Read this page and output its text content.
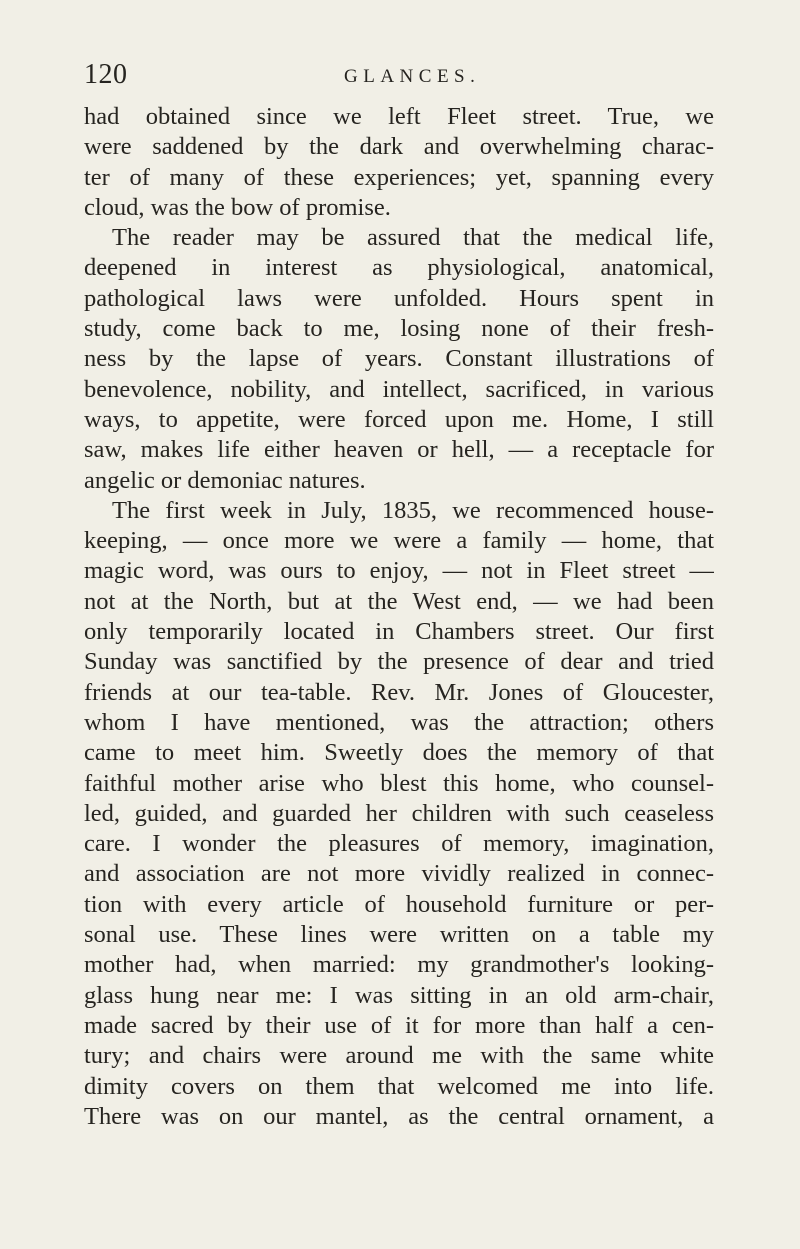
120	GLANCES.
had obtained since we left Fleet street. True, we
were saddened by the dark and overwhelming charac-
ter of many of these experiences; yet, spanning every
cloud, was the bow of promise.
The reader may be assured that the medical life,
deepened in interest as physiological, anatomical,
pathological laws were unfolded. Hours spent in
study, come back to me, losing none of their fresh-
ness by the lapse of years. Constant illustrations of
benevolence, nobility, and intellect, sacrificed, in various
ways, to appetite, were forced upon me. Home, I still
saw, makes life either heaven or hell, — a receptacle for
angelic or demoniac natures.
The first week in July, 1835, we recommenced house-
keeping, — once more we were a family — home, that
magic word, was ours to enjoy, — not in Fleet street —
not at the North, but at the West end, — we had been
only temporarily located in Chambers street. Our first
Sunday was sanctified by the presence of dear and tried
friends at our tea-table. Rev. Mr. Jones of Gloucester,
whom I have mentioned, was the attraction; others
came to meet him. Sweetly does the memory of that
faithful mother arise who blest this home, who counsel-
led, guided, and guarded her children with such ceaseless
care. I wonder the pleasures of memory, imagination,
and association are not more vividly realized in connec-
tion with every article of household furniture or per-
sonal use. These lines were written on a table my
mother had, when married: my grandmother's looking-
glass hung near me: I was sitting in an old arm-chair,
made sacred by their use of it for more than half a cen-
tury; and chairs were around me with the same white
dimity covers on them that welcomed me into life.
There was on our mantel, as the central ornament, a
